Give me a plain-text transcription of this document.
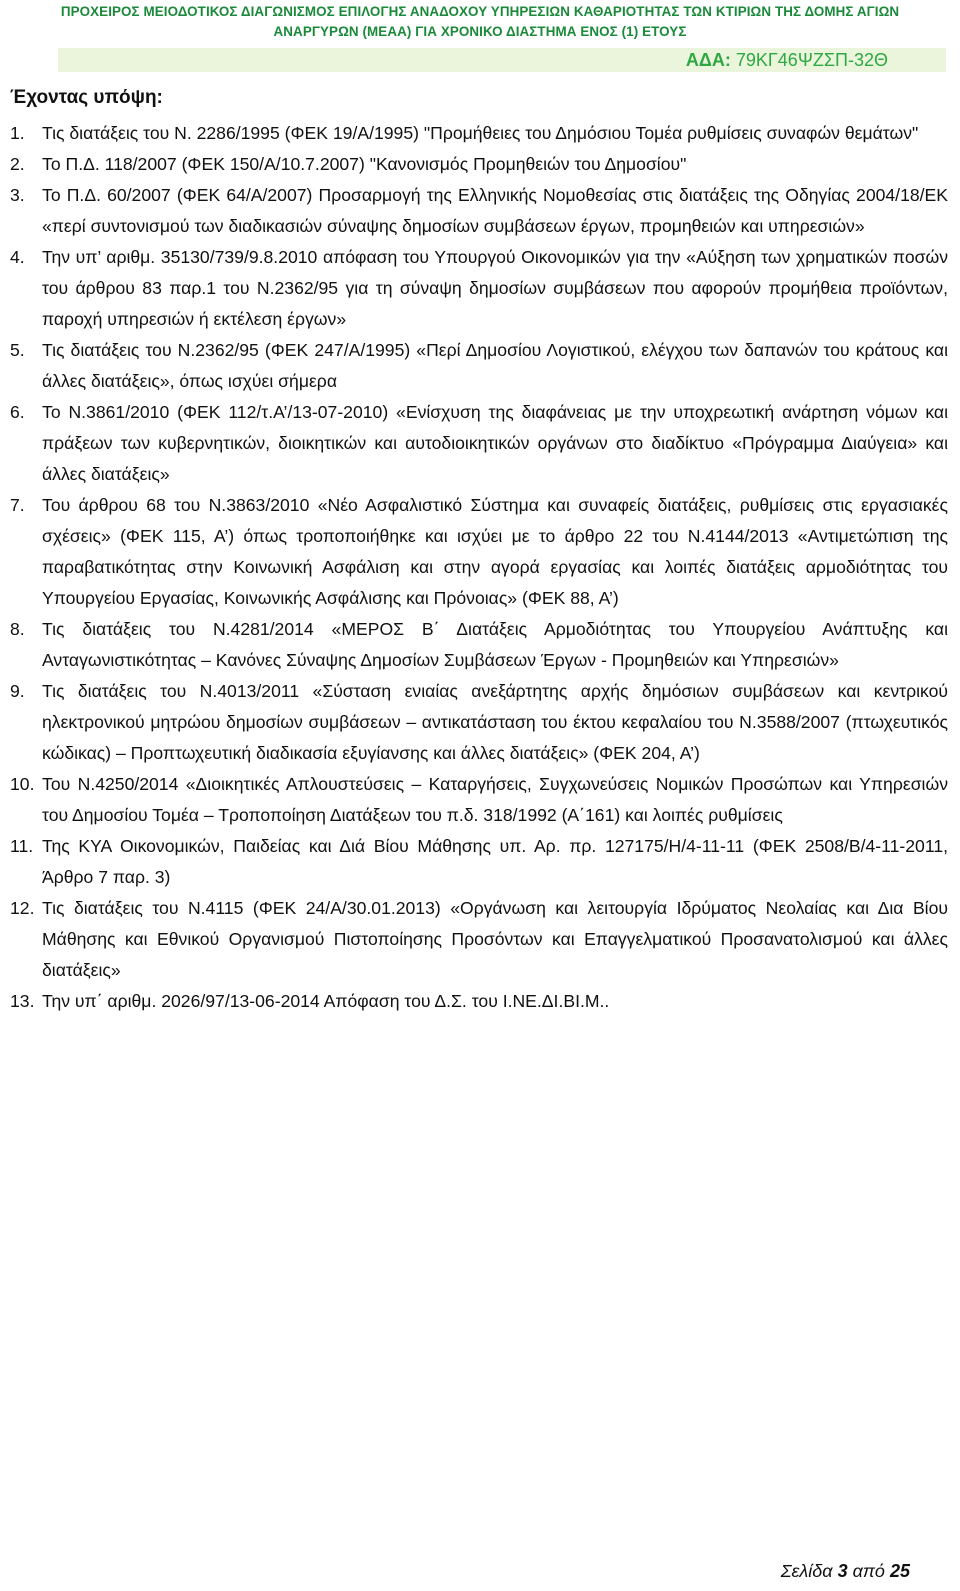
ΠΡΟΧΕΙΡΟΣ ΜΕΙΟΔΟΤΙΚΟΣ ΔΙΑΓΩΝΙΣΜΟΣ ΕΠΙΛΟΓΗΣ ΑΝΑΔΟΧΟΥ ΥΠΗΡΕΣΙΩΝ ΚΑΘΑΡΙΟΤΗΤΑΣ ΤΩΝ ΚΤΙΡΙΩΝ ΤΗΣ ΔΟΜΗΣ ΑΓΙΩΝ
ΑΝΑΡΓΥΡΩΝ (ΜΕΑΑ) ΓΙΑ ΧΡΟΝΙΚΟ ΔΙΑΣΤΗΜΑ ΕΝΟΣ (1) ΕΤΟΥΣ
ΑΔΑ: 79ΚΓ46ΨΖΣΠ-32Θ
Έχοντας υπόψη:
1. Τις διατάξεις του Ν. 2286/1995 (ΦΕΚ 19/Α/1995) "Προμήθειες του Δημόσιου Τομέα ρυθμίσεις συναφών θεμάτων"
2. Το Π.Δ. 118/2007 (ΦΕΚ 150/Α/10.7.2007) "Κανονισμός Προμηθειών του Δημοσίου"
3. Το Π.Δ. 60/2007 (ΦΕΚ 64/Α/2007) Προσαρμογή της Ελληνικής Νομοθεσίας στις διατάξεις της Οδηγίας 2004/18/ΕΚ «περί συντονισμού των διαδικασιών σύναψης δημοσίων συμβάσεων έργων, προμηθειών και υπηρεσιών»
4. Την υπ’ αριθμ. 35130/739/9.8.2010 απόφαση του Υπουργού Οικονομικών για την «Αύξηση των χρηματικών ποσών του άρθρου 83 παρ.1 του Ν.2362/95 για τη σύναψη δημοσίων συμβάσεων που αφορούν προμήθεια προϊόντων, παροχή υπηρεσιών ή εκτέλεση έργων»
5. Τις διατάξεις του Ν.2362/95 (ΦΕΚ 247/Α/1995) «Περί Δημοσίου Λογιστικού, ελέγχου των δαπανών του κράτους και άλλες διατάξεις», όπως ισχύει σήμερα
6. Το Ν.3861/2010 (ΦΕΚ 112/τ.Α’/13-07-2010) «Ενίσχυση της διαφάνειας με την υποχρεωτική ανάρτηση νόμων και πράξεων των κυβερνητικών, διοικητικών και αυτοδιοικητικών οργάνων στο διαδίκτυο «Πρόγραμμα Διαύγεια» και άλλες διατάξεις»
7. Του άρθρου 68 του Ν.3863/2010 «Νέο Ασφαλιστικό Σύστημα και συναφείς διατάξεις, ρυθμίσεις στις εργασιακές σχέσεις» (ΦΕΚ 115, Α’) όπως τροποποιήθηκε και ισχύει με το άρθρο 22 του Ν.4144/2013 «Αντιμετώπιση της παραβατικότητας στην Κοινωνική Ασφάλιση και στην αγορά εργασίας και λοιπές διατάξεις αρμοδιότητας του Υπουργείου Εργασίας, Κοινωνικής Ασφάλισης και Πρόνοιας» (ΦΕΚ 88, Α’)
8. Τις διατάξεις του Ν.4281/2014 «ΜΕΡΟΣ Β΄ Διατάξεις Αρμοδιότητας του Υπουργείου Ανάπτυξης και Ανταγωνιστικότητας – Κανόνες Σύναψης Δημοσίων Συμβάσεων Έργων - Προμηθειών και Υπηρεσιών»
9. Τις διατάξεις του Ν.4013/2011 «Σύσταση ενιαίας ανεξάρτητης αρχής δημόσιων συμβάσεων και κεντρικού ηλεκτρονικού μητρώου δημοσίων συμβάσεων – αντικατάσταση του έκτου κεφαλαίου του Ν.3588/2007 (πτωχευτικός κώδικας) – Προπτωχευτική διαδικασία εξυγίανσης και άλλες διατάξεις» (ΦΕΚ 204, Α’)
10. Του Ν.4250/2014 «Διοικητικές Απλουστεύσεις – Καταργήσεις, Συγχωνεύσεις Νομικών Προσώπων και Υπηρεσιών του Δημοσίου Τομέα – Τροποποίηση Διατάξεων του π.δ. 318/1992 (Α΄161) και λοιπές ρυθμίσεις
11. Της ΚΥΑ Οικονομικών, Παιδείας και Διά Βίου Μάθησης υπ. Αρ. πρ. 127175/Η/4-11-11 (ΦΕΚ 2508/Β/4-11-2011, Άρθρο 7 παρ. 3)
12. Τις διατάξεις του Ν.4115 (ΦΕΚ 24/Α/30.01.2013) «Οργάνωση και λειτουργία Ιδρύματος Νεολαίας και Δια Βίου Μάθησης και Εθνικού Οργανισμού Πιστοποίησης Προσόντων και Επαγγελματικού Προσανατολισμού και άλλες διατάξεις»
13. Την υπ΄ αριθμ. 2026/97/13-06-2014 Απόφαση του Δ.Σ. του Ι.ΝΕ.ΔΙ.ΒΙ.Μ..
Σελίδα 3 από 25
